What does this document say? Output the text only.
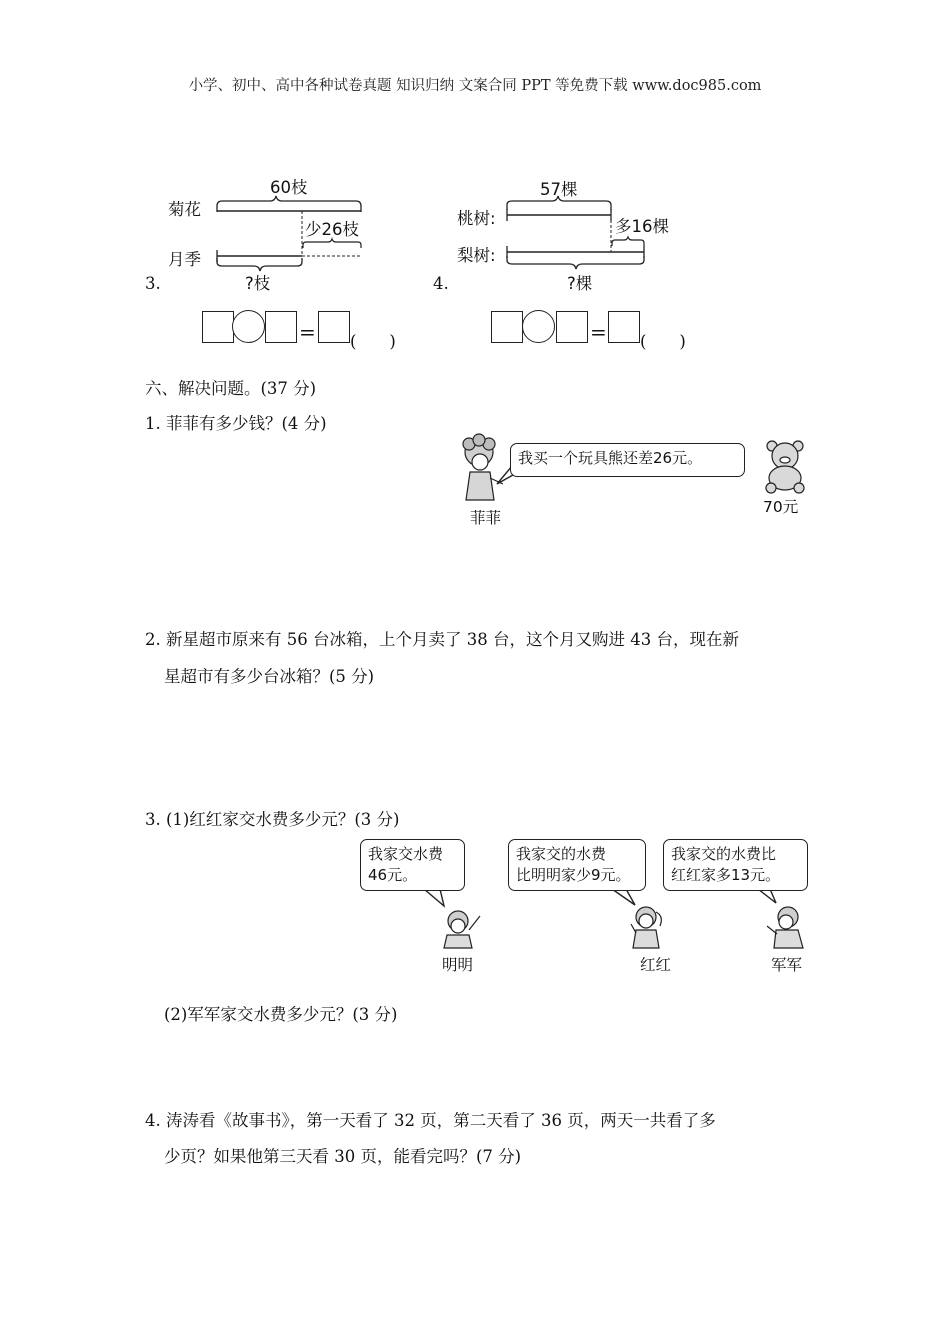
小学、初中、高中各种试卷真题 知识归纳 文案合同 PPT 等免费下载 www.doc985.com
60枝
菊花
少26枝
月季
?枝
3.
= (　　)
57棵
桃树:	多16棵
梨树:
?棵
4.
= (　　)
六、解决问题。(37 分)
1. 菲菲有多少钱？(4 分)
我买一个玩具熊还差26元。
菲菲
70元
2. 新星超市原来有 56 台冰箱，上个月卖了 38 台，这个月又购进 43 台，现在新
星超市有多少台冰箱？(5 分)
3. (1)红红家交水费多少元？(3 分)
我家交水费
46元。
我家交的水费
比明明家少9元。
我家交的水费比
红红家多13元。
明明	红红	军军
(2)军军家交水费多少元？(3 分)
4. 涛涛看《故事书》，第一天看了 32 页，第二天看了 36 页，两天一共看了多
少页？如果他第三天看 30 页，能看完吗？(7 分)
